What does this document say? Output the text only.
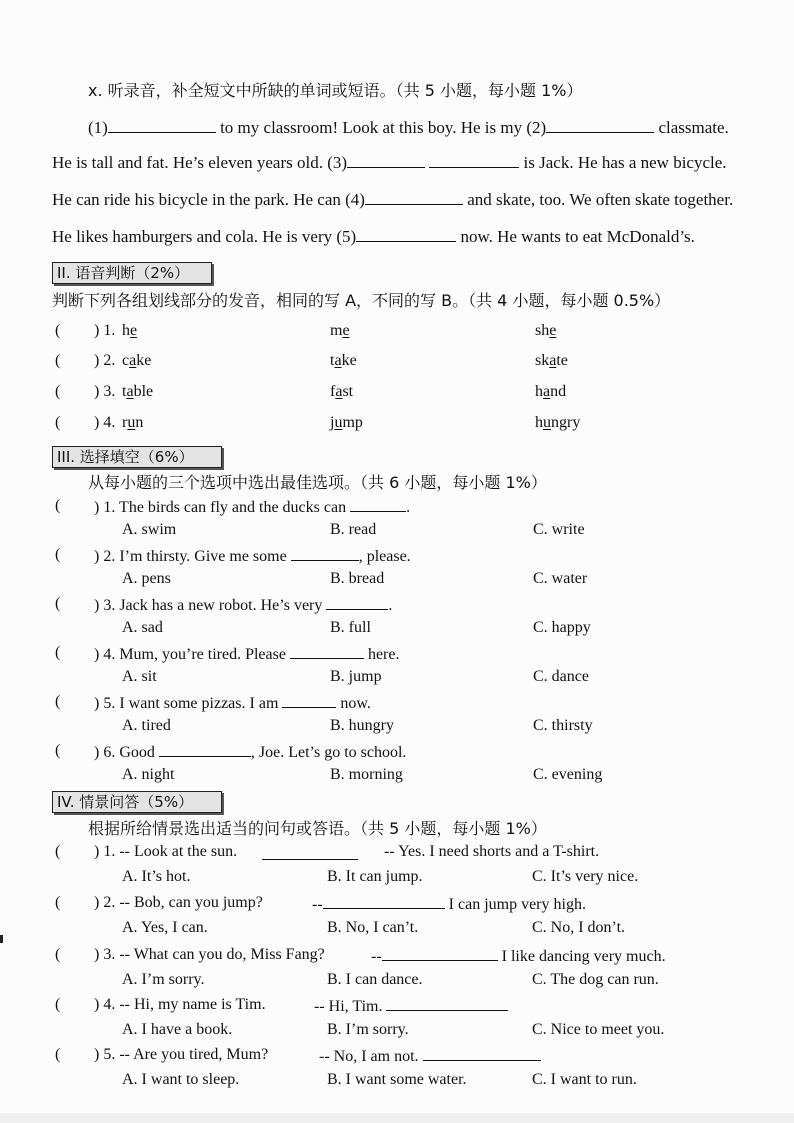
x. 听录音，补全短文中所缺的单词或短语。（共 5 小题，每小题 1%）
(1)	to my classroom! Look at this boy. He is my (2)	classmate.
He is tall and fat. He’s eleven years old. (3)	is Jack. He has a new bicycle.
He can ride his bicycle in the park. He can (4)	and skate, too. We often skate together.
He likes hamburgers and cola. He is very (5)	now. He wants to eat McDonald’s.
II. 语音判断（2%）
判断下列各组划线部分的发音，相同的写 A，不同的写 B。（共 4 小题，每小题 0.5%）
III. 选择填空（6%）
从每小题的三个选项中选出最佳选项。（共 6 小题，每小题 1%）
IV. 情景问答（5%）
根据所给情景选出适当的问句或答语。（共 5 小题，每小题 1%）
( ) 1. he	me	she
( ) 2. cake	take	skate
( ) 3. table	fast	hand
( ) 4. run	jump	hungry
( ) 1. The birds can fly and the ducks can	.
A. swim	B. read	C. write
( ) 2. I’m thirsty. Give me some	, please.
A. pens	B. bread	C. water
( ) 3. Jack has a new robot. He’s very	.
A. sad	B. full	C. happy
( ) 4. Mum, you’re tired. Please	here.
A. sit	B. jump	C. dance
( ) 5. I want some pizzas. I am	now.
A. tired	B. hungry	C. thirsty
( ) 6. Good	, Joe. Let’s go to school.
A. night	B. morning	C. evening
( ) 1. -- Look at the sun.	-- Yes. I need shorts and a T-shirt.
A. It’s hot.	B. It can jump.	C. It’s very nice.
( ) 2. -- Bob, can you jump?	--	I can jump very high.
A. Yes, I can.	B. No, I can’t.	C. No, I don’t.
( ) 3. -- What can you do, Miss Fang?	--	I like dancing very much.
A. I’m sorry.	B. I can dance.	C. The dog can run.
( ) 4. -- Hi, my name is Tim.	-- Hi, Tim.
A. I have a book.	B. I’m sorry.	C. Nice to meet you.
( ) 5. -- Are you tired, Mum?	-- No, I am not.
A. I want to sleep.	B. I want some water.	C. I want to run.
